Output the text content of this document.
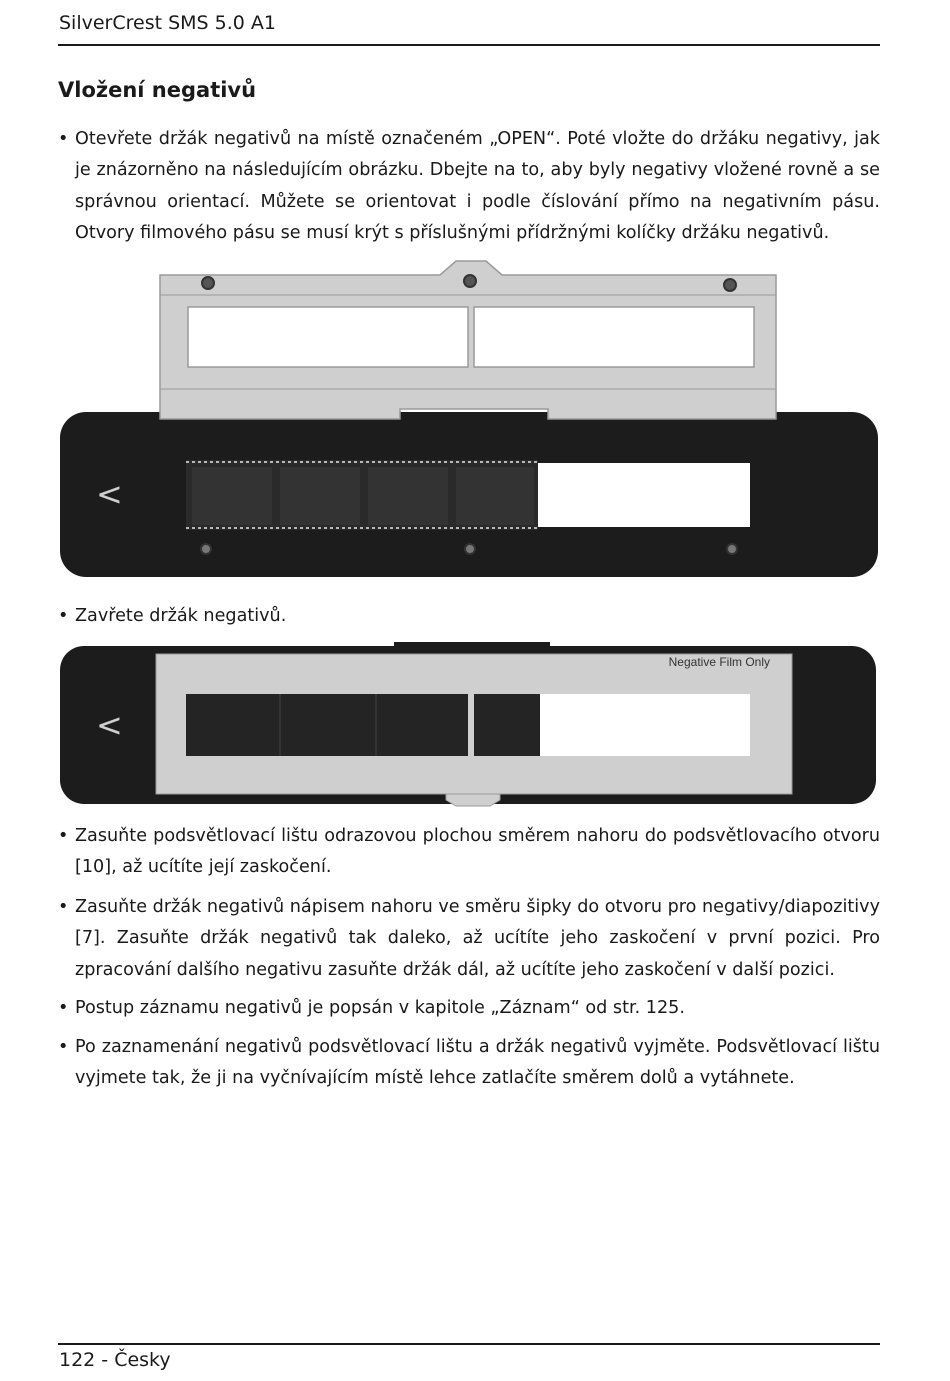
SilverCrest SMS 5.0 A1
Vložení negativů
• Otevřete držák negativů na místě označeném „OPEN“. Poté vložte do držáku negativy, jak je znázorněno na následujícím obrázku. Dbejte na to, aby byly negativy vložené rovně a se správnou orientací. Můžete se orientovat i podle číslování přímo na negativním pásu. Otvory filmového pásu se musí krýt s příslušnými přídržnými kolíčky držáku negativů.
<
• Zavřete držák negativů.
Negative Film Only
<
• Zasuňte podsvětlovací lištu odrazovou plochou směrem nahoru do podsvětlovacího otvoru [10], až ucítíte její zaskočení.
• Zasuňte držák negativů nápisem nahoru ve směru šipky do otvoru pro negativy/diapozitivy [7]. Zasuňte držák negativů tak daleko, až ucítíte jeho zaskočení v první pozici. Pro zpracování dalšího negativu zasuňte držák dál, až ucítíte jeho zaskočení v další pozici.
• Postup záznamu negativů je popsán v kapitole „Záznam“ od str. 125.
• Po zaznamenání negativů podsvětlovací lištu a držák negativů vyjměte. Podsvětlovací lištu vyjmete tak, že ji na vyčnívajícím místě lehce zatlačíte směrem dolů a vytáhnete.
122 - Česky
